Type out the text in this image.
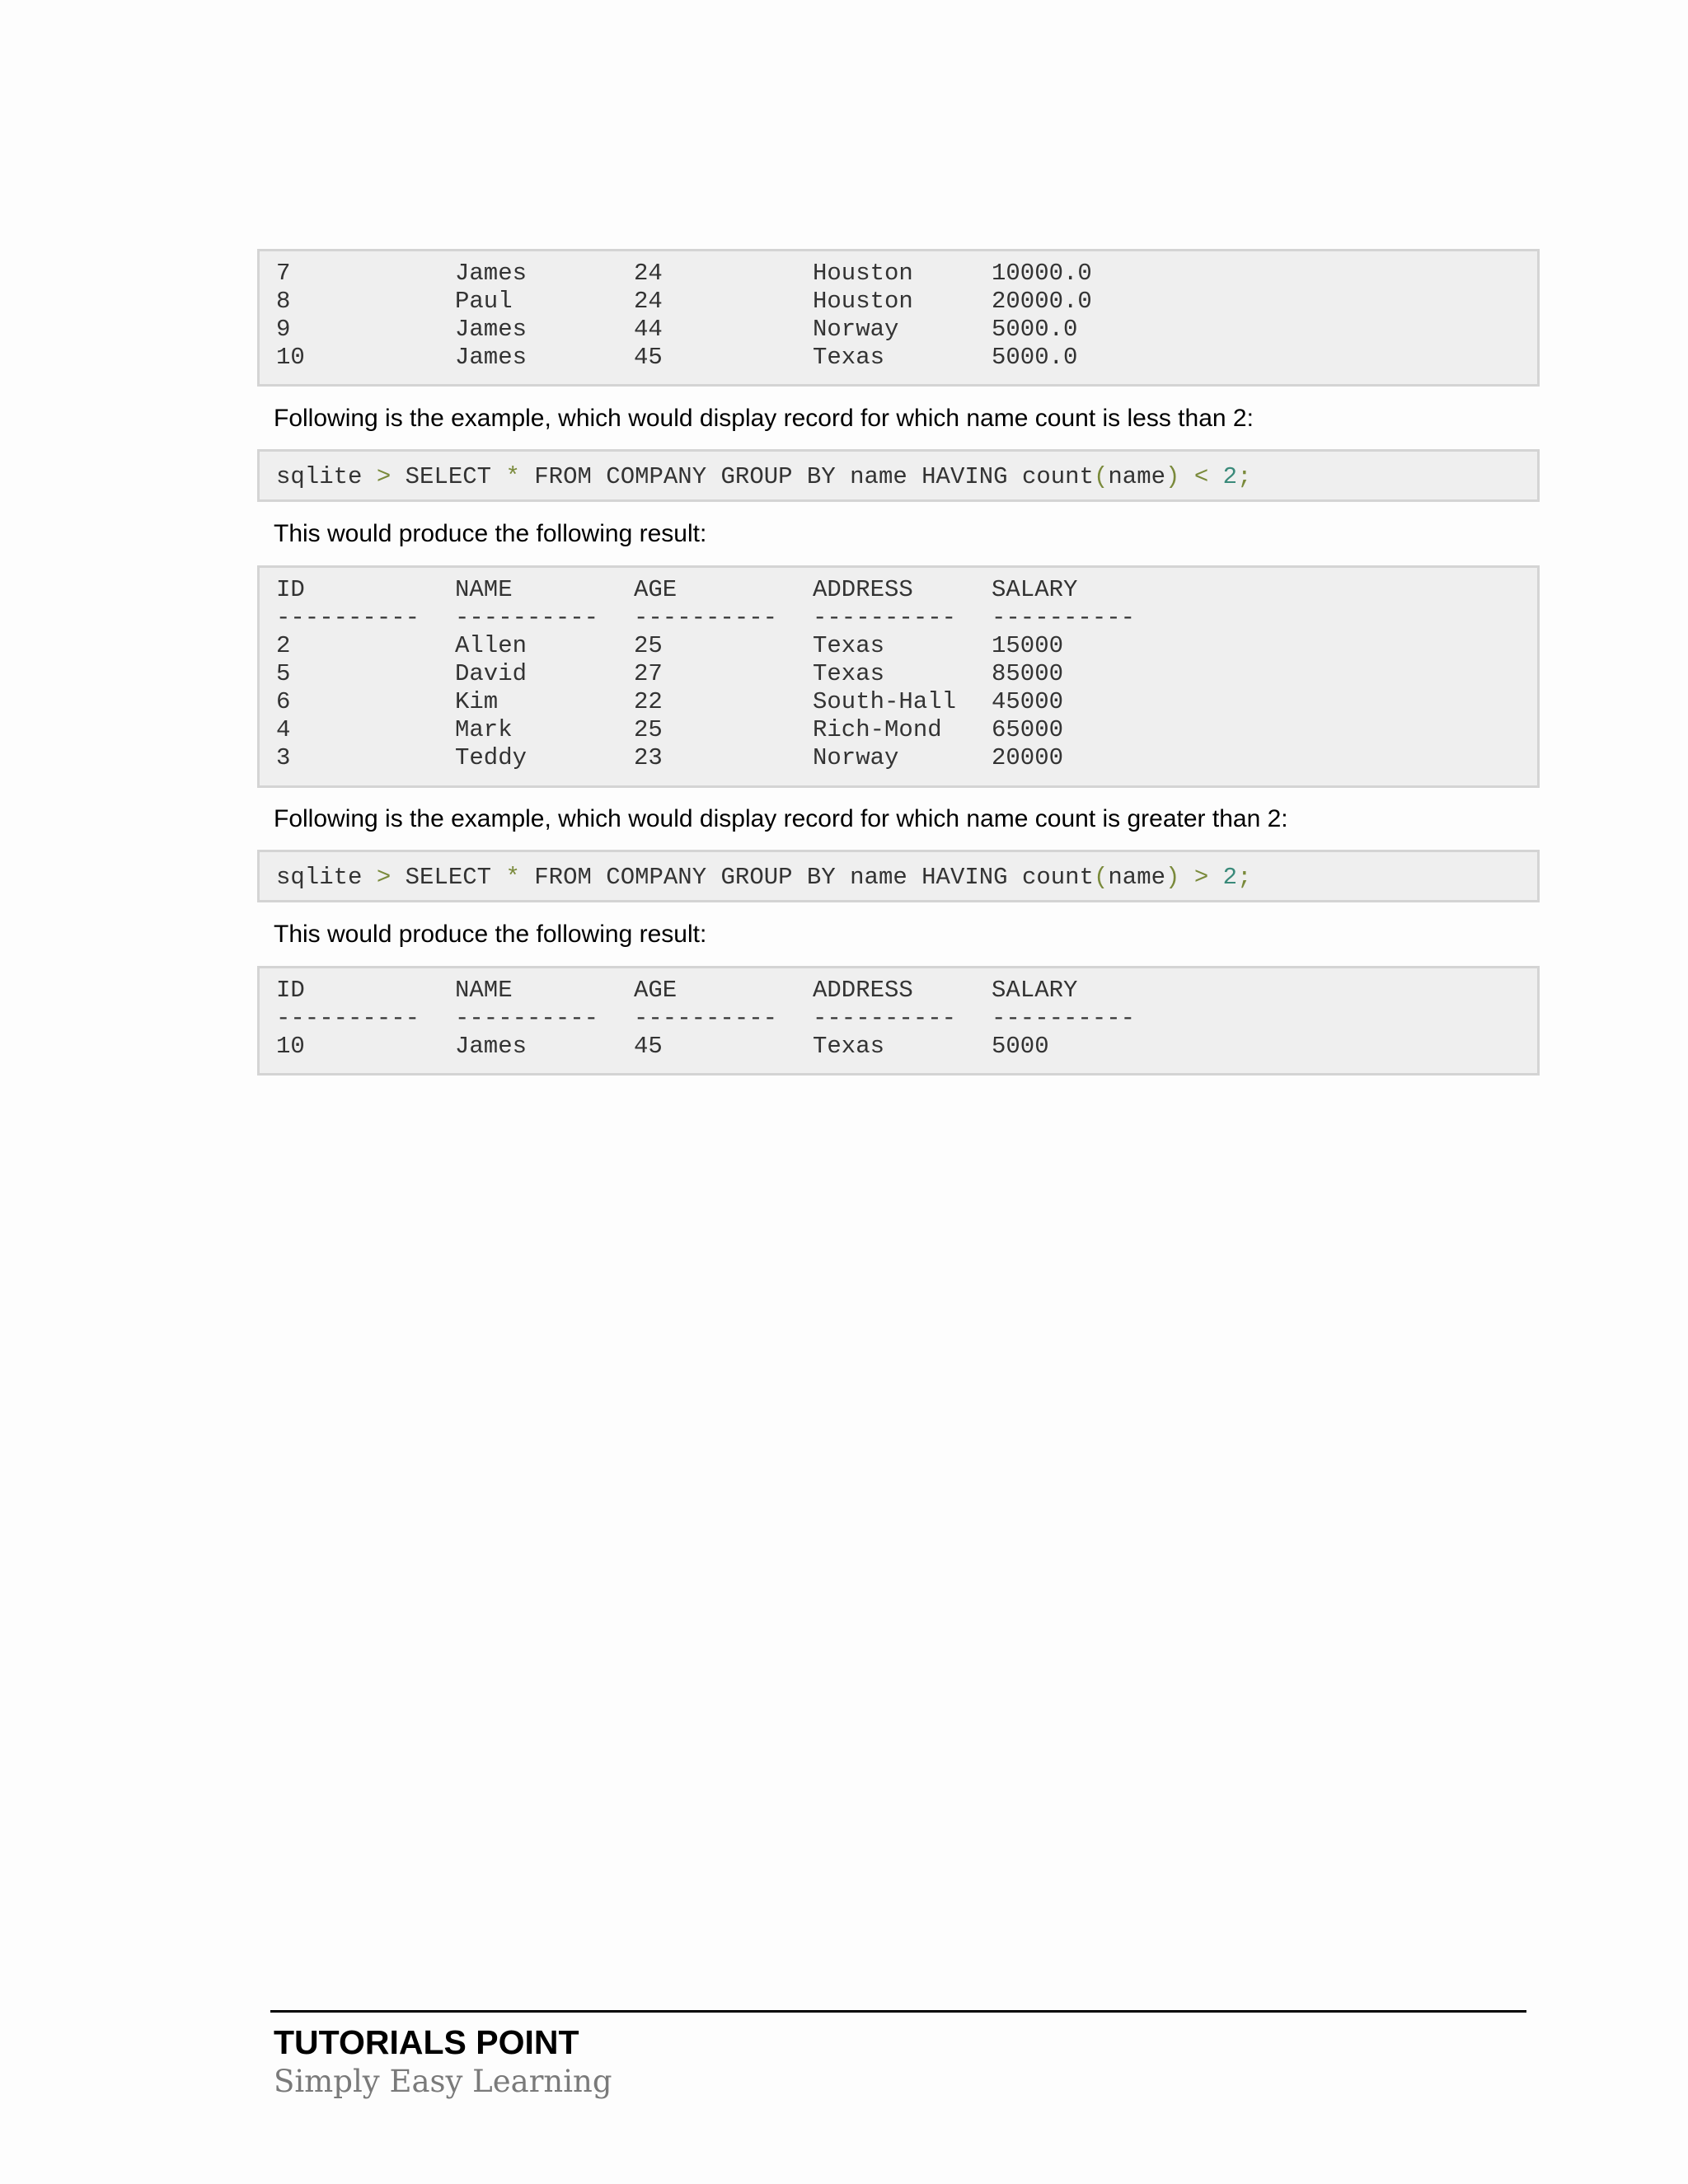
7	James	24	Houston	10000.0
8	Paul	24	Houston	20000.0
9	James	44	Norway	5000.0
10	James	45	Texas	5000.0
Following is the example, which would display record for which name count is less than 2:
sqlite > SELECT * FROM COMPANY GROUP BY name HAVING count(name) < 2;
This would produce the following result:
ID	NAME	AGE	ADDRESS	SALARY
----------	----------	----------	----------	----------
2	Allen	25	Texas	15000
5	David	27	Texas	85000
6	Kim	22	South-Hall	45000
4	Mark	25	Rich-Mond	65000
3	Teddy	23	Norway	20000
Following is the example, which would display record for which name count is greater than 2:
sqlite > SELECT * FROM COMPANY GROUP BY name HAVING count(name) > 2;
This would produce the following result:
ID	NAME	AGE	ADDRESS	SALARY
----------	----------	----------	----------	----------
10	James	45	Texas	5000
TUTORIALS POINT
Simply Easy Learning
